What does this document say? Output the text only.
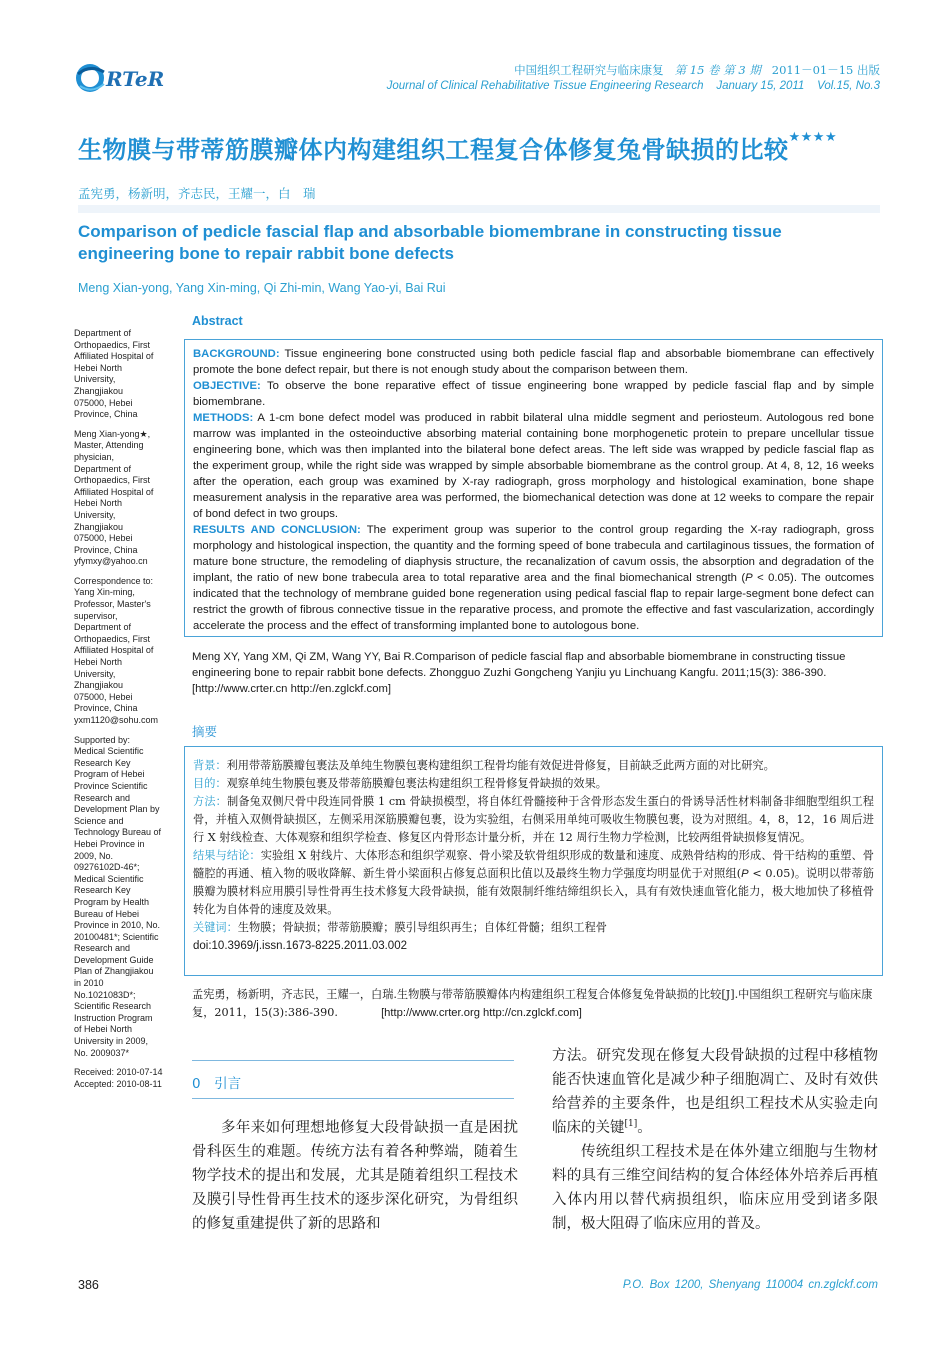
RTeR	中国组织工程研究与临床康复 第 15 卷 第 3 期 2011－01－15 出版
Journal of Clinical Rehabilitative Tissue Engineering Research January 15, 2011 Vol.15, No.3
生物膜与带蒂筋膜瓣体内构建组织工程复合体修复兔骨缺损的比较★★★★
孟宪勇，杨新明，齐志民，王耀一，白　瑞
Comparison of pedicle fascial flap and absorbable biomembrane in constructing tissue engineering bone to repair rabbit bone defects
Meng Xian-yong, Yang Xin-ming, Qi Zhi-min, Wang Yao-yi, Bai Rui
Department of
Orthopaedics, First
Affiliated Hospital of
Hebei North
University,
Zhangjiakou
075000, Hebei
Province, China
Meng Xian-yong★,
Master, Attending
physician,
Department of
Orthopaedics, First
Affiliated Hospital of
Hebei North
University,
Zhangjiakou
075000, Hebei
Province, China
yfymxy@yahoo.cn
Correspondence to:
Yang Xin-ming,
Professor, Master's
supervisor,
Department of
Orthopaedics, First
Affiliated Hospital of
Hebei North
University,
Zhangjiakou
075000, Hebei
Province, China
yxm1120@sohu.com
Supported by:
Medical Scientific
Research Key
Program of Hebei
Province Scientific
Research and
Development Plan by
Science and
Technology Bureau of
Hebei Province in
2009, No.
09276102D-46*;
Medical Scientific
Research Key
Program by Health
Bureau of Hebei
Province in 2010, No.
20100481*; Scientific
Research and
Development Guide
Plan of Zhangjiakou
in 2010
No.1021083D*;
Scientific Research
Instruction Program
of Hebei North
University in 2009,
No. 2009037*
Received: 2010-07-14
Accepted: 2010-08-11
Abstract

BACKGROUND: Tissue engineering bone constructed using both pedicle fascial flap and absorbable biomembrane can effectively promote the bone defect repair, but there is not enough study about the comparison between them.

OBJECTIVE: To observe the bone reparative effect of tissue engineering bone wrapped by pedicle fascial flap and by simple biomembrane.

METHODS: A 1-cm bone defect model was produced in rabbit bilateral ulna middle segment and periosteum. Autologous red bone marrow was implanted in the osteoinductive absorbing material containing bone morphogenetic protein to prepare uncellular tissue engineering bone, which was then implanted into the bilateral bone defect areas. The left side was wrapped by pedicle fascial flap as the experiment group, while the right side was wrapped by simple absorbable biomembrane as the control group. At 4, 8, 12, 16 weeks after the operation, each group was examined by X-ray radiograph, gross morphology and histological examination, bone shape measurement analysis in the reparative area was performed, the biomechanical detection was done at 12 weeks to compare the repair of bond defect in two groups.

RESULTS AND CONCLUSION: The experiment group was superior to the control group regarding the X-ray radiograph, gross morphology and histological inspection, the quantity and the forming speed of bone trabecula and cartilaginous tissues, the formation of mature bone structure, the remodeling of diaphysis structure, the recanalization of cavum ossis, the absorption and degradation of the implant, the ratio of new bone trabecula area to total reparative area and the final biomechanical strength (P < 0.05). The outcomes indicated that the technology of membrane guided bone regeneration using pedical fascial flap to repair large-segment bone defect can restrict the growth of fibrous connective tissue in the reparative process, and promote the effective and fast vascularization, accordingly accelerate the process and the effect of transforming implanted bone to autologous bone.

Meng XY, Yang XM, Qi ZM, Wang YY, Bai R.Comparison of pedicle fascial flap and absorbable biomembrane in constructing tissue engineering bone to repair rabbit bone defects. Zhongguo Zuzhi Gongcheng Yanjiu yu Linchuang Kangfu. 2011;15(3): 386-390.  [http://www.crter.cn http://en.zglckf.com]
摘要
背景：利用带蒂筋膜瓣包裹法及单纯生物膜包裹构建组织工程骨均能有效促进骨修复，目前缺乏此两方面的对比研究。
目的：观察单纯生物膜包裹及带蒂筋膜瓣包裹法构建组织工程骨修复骨缺损的效果。
方法：制备兔双侧尺骨中段连同骨膜 1 cm 骨缺损模型，将自体红骨髓接种于含骨形态发生蛋白的骨诱导活性材料制备非细胞型组织工程骨，并植入双侧骨缺损区，左侧采用深筋膜瓣包裹，设为实验组，右侧采用单纯可吸收生物膜包裹，设为对照组。4，8，12，16 周后进行 X 射线检查、大体观察和组织学检查、修复区内骨形态计量分析，并在 12 周行生物力学检测，比较两组骨缺损修复情况。
结果与结论：实验组 X 射线片、大体形态和组织学观察、骨小梁及软骨组织形成的数量和速度、成熟骨结构的形成、骨干结构的重塑、骨髓腔的再通、植入物的吸收降解、新生骨小梁面积占修复总面积比值以及最终生物力学强度均明显优于对照组(P < 0.05)。说明以带蒂筋膜瓣为膜材料应用膜引导性骨再生技术修复大段骨缺损，能有效限制纤维结缔组织长入，具有有效快速血管化能力，极大地加快了移植骨转化为自体骨的速度及效果。
关键词：生物膜；骨缺损；带蒂筋膜瓣；膜引导组织再生；自体红骨髓；组织工程骨
doi:10.3969/j.issn.1673-8225.2011.03.002
孟宪勇，杨新明，齐志民，王耀一，白瑞.生物膜与带蒂筋膜瓣体内构建组织工程复合体修复兔骨缺损的比较[J].中国组织工程研究与临床康复，2011，15(3):386-390.	[http://www.crter.org http://cn.zglckf.com]
0　引言

多年来如何理想地修复大段骨缺损一直是困扰骨科医生的难题。传统方法有着各种弊端，随着生物学技术的提出和发展，尤其是随着组织工程技术及膜引导性骨再生技术的逐步深化研究，为骨组织的修复重建提供了新的思路和

方法。研究发现在修复大段骨缺损的过程中移植物能否快速血管化是减少种子细胞凋亡、及时有效供给营养的主要条件，也是组织工程技术从实验走向临床的关键[1]。

传统组织工程技术是在体外建立细胞与生物材料的具有三维空间结构的复合体经体外培养后再植入体内用以替代病损组织，临床应用受到诸多限制，极大阻碍了临床应用的普及。

386	P.O. Box 1200, Shenyang 110004 cn.zglckf.com
